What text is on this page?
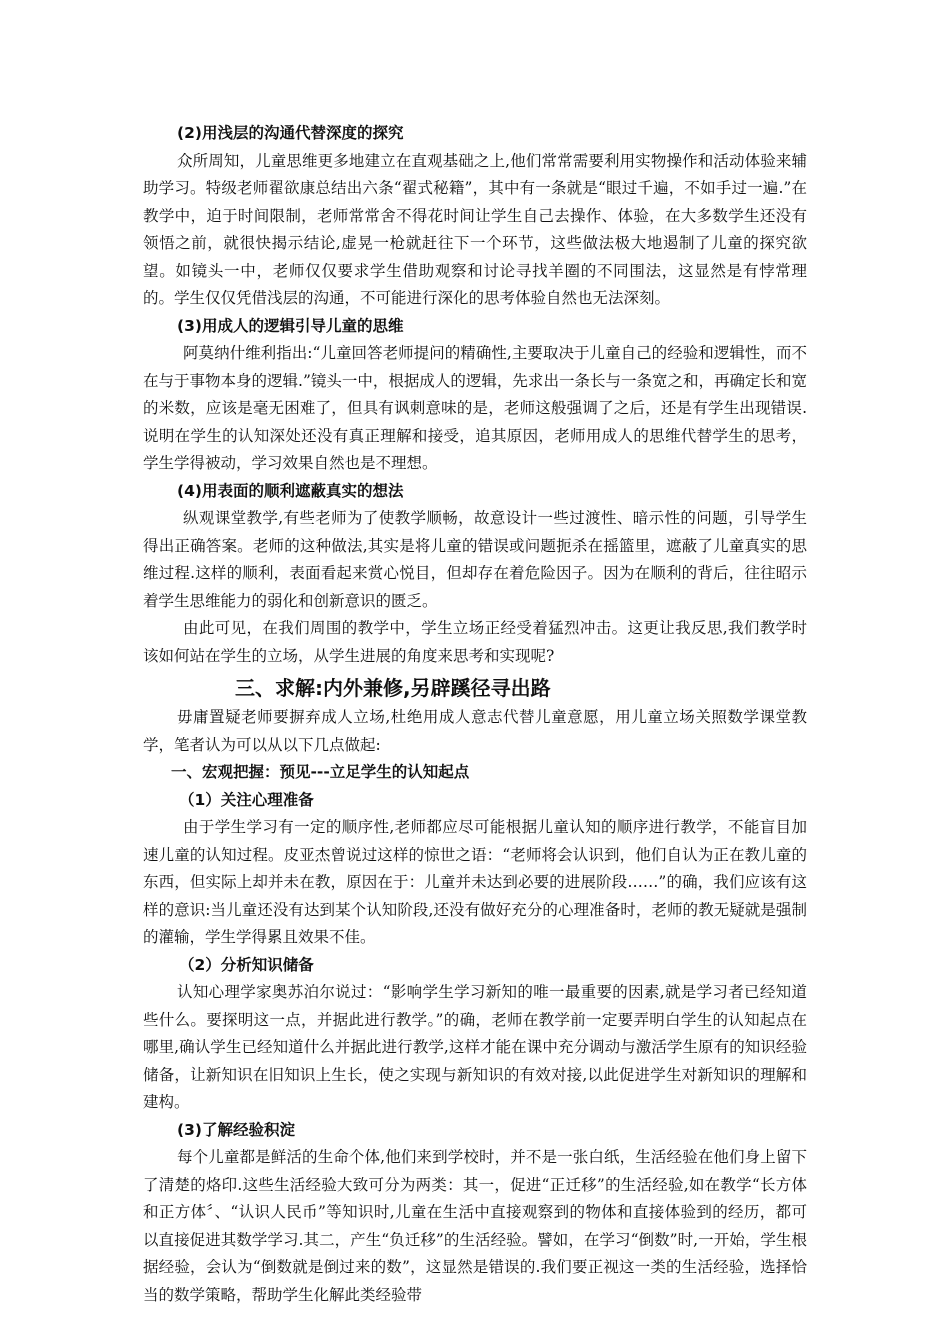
(2)用浅层的沟通代替深度的探究

众所周知，儿童思维更多地建立在直观基础之上,他们常常需要利用实物操作和活动体验来辅助学习。特级老师翟欲康总结出六条“翟式秘籍”，其中有一条就是“眼过千遍，不如手过一遍.”在教学中，迫于时间限制，老师常常舍不得花时间让学生自己去操作、体验，在大多数学生还没有领悟之前，就很快揭示结论,虚晃一枪就赶往下一个环节，这些做法极大地遏制了儿童的探究欲望。如镜头一中，老师仅仅要求学生借助观察和讨论寻找羊圈的不同围法，这显然是有悖常理的。学生仅仅凭借浅层的沟通，不可能进行深化的思考体验自然也无法深刻。

(3)用成人的逻辑引导儿童的思维

阿莫纳什维利指出:“儿童回答老师提问的精确性,主要取决于儿童自己的经验和逻辑性，而不在与于事物本身的逻辑.”镜头一中，根据成人的逻辑，先求出一条长与一条宽之和，再确定长和宽的米数，应该是毫无困难了，但具有讽刺意味的是，老师这般强调了之后，还是有学生出现错误.说明在学生的认知深处还没有真正理解和接受，追其原因，老师用成人的思维代替学生的思考，学生学得被动，学习效果自然也是不理想。

(4)用表面的顺利遮蔽真实的想法

纵观课堂教学,有些老师为了使教学顺畅，故意设计一些过渡性、暗示性的问题，引导学生得出正确答案。老师的这种做法,其实是将儿童的错误或问题扼杀在摇篮里，遮蔽了儿童真实的思维过程.这样的顺利，表面看起来赏心悦目，但却存在着危险因子。因为在顺利的背后，往往昭示着学生思维能力的弱化和创新意识的匮乏。

由此可见，在我们周围的教学中，学生立场正经受着猛烈冲击。这更让我反思,我们教学时该如何站在学生的立场，从学生进展的角度来思考和实现呢?

三、求解:内外兼修,另辟蹊径寻出路

毋庸置疑老师要摒弃成人立场,杜绝用成人意志代替儿童意愿，用儿童立场关照数学课堂教学，笔者认为可以从以下几点做起:

一、宏观把握：预见---立足学生的认知起点

（1）关注心理准备

由于学生学习有一定的顺序性,老师都应尽可能根据儿童认知的顺序进行教学，不能盲目加速儿童的认知过程。皮亚杰曾说过这样的惊世之语：“老师将会认识到，他们自认为正在教儿童的东西，但实际上却并未在教，原因在于：儿童并未达到必要的进展阶段……”的确，我们应该有这样的意识:当儿童还没有达到某个认知阶段,还没有做好充分的心理准备时，老师的教无疑就是强制的灌输，学生学得累且效果不佳。

（2）分析知识储备

认知心理学家奥苏泊尔说过：“影响学生学习新知的唯一最重要的因素,就是学习者已经知道些什么。要探明这一点，并据此进行教学。”的确，老师在教学前一定要弄明白学生的认知起点在哪里,确认学生已经知道什么并据此进行教学,这样才能在课中充分调动与激活学生原有的知识经验储备，让新知识在旧知识上生长，使之实现与新知识的有效对接,以此促进学生对新知识的理解和建构。

(3)了解经验积淀

每个儿童都是鲜活的生命个体,他们来到学校时，并不是一张白纸，生活经验在他们身上留下了清楚的烙印.这些生活经验大致可分为两类：其一，促进“正迁移”的生活经验,如在教学“长方体和正方体〞、“认识人民币”等知识时,儿童在生活中直接观察到的物体和直接体验到的经历，都可以直接促进其数学学习.其二，产生“负迁移”的生活经验。譬如，在学习“倒数”时,一开始，学生根据经验，会认为“倒数就是倒过来的数”，这显然是错误的.我们要正视这一类的生活经验，选择恰当的数学策略，帮助学生化解此类经验带
